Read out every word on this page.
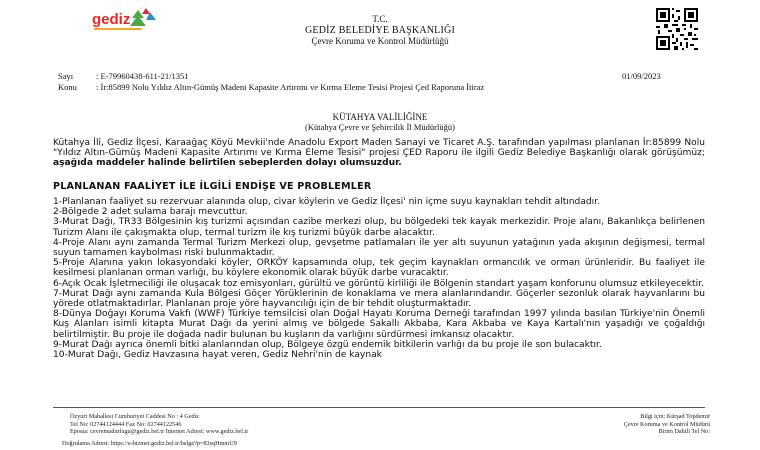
gediz	T.C.
GEDİZ BELEDİYE BAŞKANLIĞI
Çevre Koruma ve Kontrol Müdürlüğü
Sayı	: E-79960438-611-21/1351	01/09/2023
Konu : İr:85899 Nolu Yıldız Altın-Gümüş Madeni Kapasite Artırımı ve Kırma Eleme Tesisi Projesi Çed Raporuna İtiraz
KÜTAHYA VALİLİĞİNE
(Kütahya Çevre ve Şehircilik İl Müdürlüğü)
Kütahya İli, Gediz İlçesi, Karaağaç Köyü Mevkii'nde Anadolu Export Maden Sanayi ve Ticaret A.Ş. tarafından yapılması planlanan İr:85899 Nolu "Yıldız Altın-Gümüş Madeni Kapasite Artırımı ve Kırma Eleme Tesisi" projesi ÇED Raporu ile ilgili Gediz Belediye Başkanlığı olarak görüşümüz; aşağıda maddeler halinde belirtilen sebeplerden dolayı olumsuzdur.
PLANLANAN FAALİYET İLE İLGİLİ ENDİŞE VE PROBLEMLER

1-Planlanan faaliyet su rezervuar alanında olup, civar köylerin ve Gediz İlçesi' nin içme suyu kaynakları tehdit altındadır.

2-Bölgede 2 adet sulama barajı mevcuttur.

3-Murat Dağı, TR33 Bölgesinin kış turizmi açısından cazibe merkezi olup, bu bölgedeki tek kayak merkezidir. Proje alanı, Bakanlıkça belirlenen Turizm Alanı ile çakışmakta olup, termal turizm ile kış turizmi büyük darbe alacaktır.

4-Proje Alanı aynı zamanda Termal Turizm Merkezi olup, gevşetme patlamaları ile yer altı suyunun yatağının yada akışının değişmesi, termal suyun tamamen kaybolması riski bulunmaktadır.

5-Proje Alanına yakın lokasyondaki köyler, ORKÖY kapsamında olup, tek geçim kaynakları ormancılık ve orman ürünleridir. Bu faaliyet ile kesilmesi planlanan orman varlığı, bu köylere ekonomik olarak büyük darbe vuracaktır.

6-Açık Ocak İşletmeciliği ile oluşacak toz emisyonları, gürültü ve görüntü kirliliği ile Bölgenin standart yaşam konforunu olumsuz etkileyecektir.

7-Murat Dağı aynı zamanda Kula Bölgesi Göçer Yörüklerinin de konaklama ve mera alanlarındandır. Göçerler sezonluk olarak hayvanlarını bu yörede otlatmaktadırlar. Planlanan proje yöre hayvancılığı için de bir tehdit oluşturmaktadır.

8-Dünya Doğayı Koruma Vakfı (WWF) Türkiye temsilcisi olan Doğal Hayatı Koruma Derneği tarafından 1997 yılında basılan Türkiye'nin Önemli Kuş Alanları isimli kitapta Murat Dağı da yerini almış ve bölgede Sakallı Akbaba, Kara Akbaba ve Kaya Kartalı'nın yaşadığı ve çoğaldığı belirtilmiştir. Bu proje ile doğada nadir bulunan bu kuşların da varlığını sürdürmesi imkansız olacaktır.

9-Murat Dağı ayrıca önemli bitki alanlarından olup, Bölgeye özgü endemik bitkilerin varlığı da bu proje ile son bulacaktır.

10-Murat Dağı, Gediz Havzasına hayat veren, Gediz Nehri'nin de kaynak

Özyurt Mahallesi Cumhuriyet Caddesi No : 4 Gediz
Tel No: 02744124444 Fax No: 02744122546
Eposta: cevremudurlugu@gediz.bel.tr İnternet Adresi: www.gediz.bel.tr
Bilgi için: Kürşad Topdemir
Çevre Koruma ve Kontrol Müdürü
Birim Dahili Tel No:
Doğrulama Adresi: https://e-hizmet.gediz.bel.tr/belge?p=83sqHmmU9
